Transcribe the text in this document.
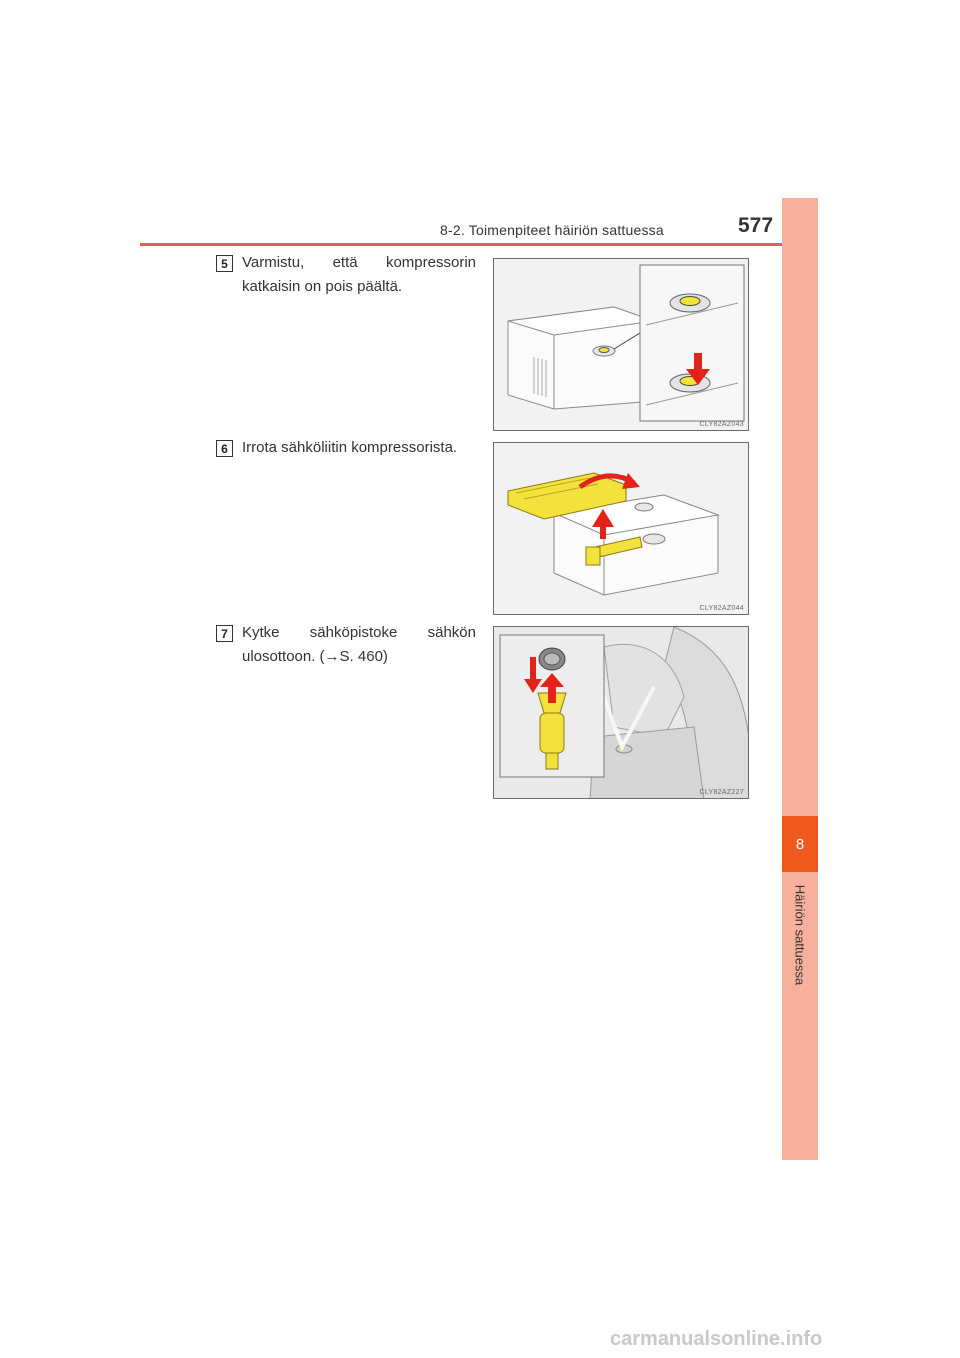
8-2. Toimenpiteet häiriön sattuessa	577
8
Häiriön sattuessa
5 Varmistu, että kompressorin katkaisin on pois päältä.
CLY82AZ043
6 Irrota sähköliitin kompressorista.
CLY82AZ044
7 Kytke sähköpistoke sähkön ulosottoon. (→S. 460)
CLY82AZ227
carmanualsonline.info
